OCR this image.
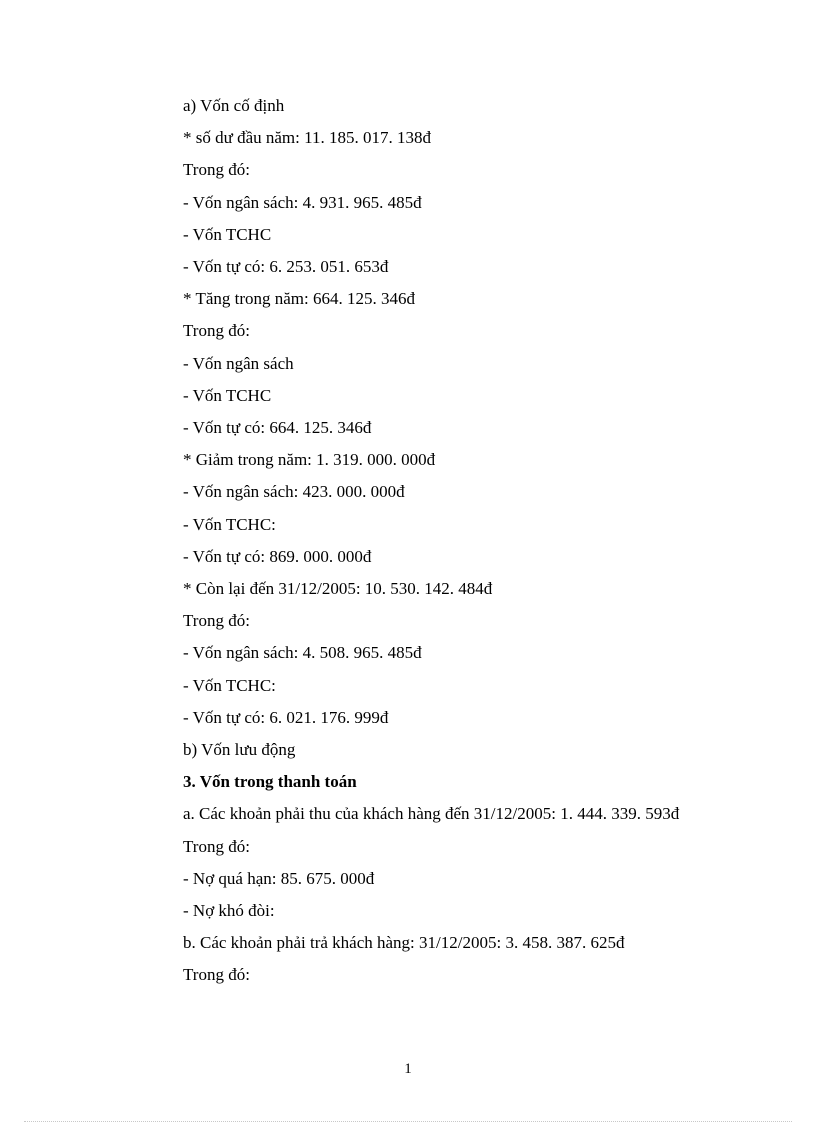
a) Vốn cố định
* số dư đầu năm: 11. 185. 017. 138đ
Trong đó:
- Vốn ngân sách: 4. 931. 965. 485đ
- Vốn TCHC
- Vốn tự có: 6. 253. 051. 653đ
* Tăng trong năm: 664. 125. 346đ
Trong đó:
- Vốn ngân sách
- Vốn TCHC
- Vốn tự có: 664. 125. 346đ
* Giảm trong năm: 1. 319. 000. 000đ
- Vốn ngân sách: 423. 000. 000đ
- Vốn TCHC:
- Vốn tự có: 869. 000. 000đ
* Còn lại đến 31/12/2005: 10. 530. 142. 484đ
Trong đó:
- Vốn ngân sách: 4. 508. 965. 485đ
- Vốn TCHC:
- Vốn tự có: 6. 021. 176. 999đ
b) Vốn lưu động
3. Vốn trong thanh toán
a. Các khoản phải thu của khách hàng đến 31/12/2005: 1. 444. 339. 593đ
Trong đó:
- Nợ quá hạn: 85. 675. 000đ
- Nợ khó đòi:
b. Các khoản phải trả khách hàng: 31/12/2005: 3. 458. 387. 625đ
Trong đó:
1
